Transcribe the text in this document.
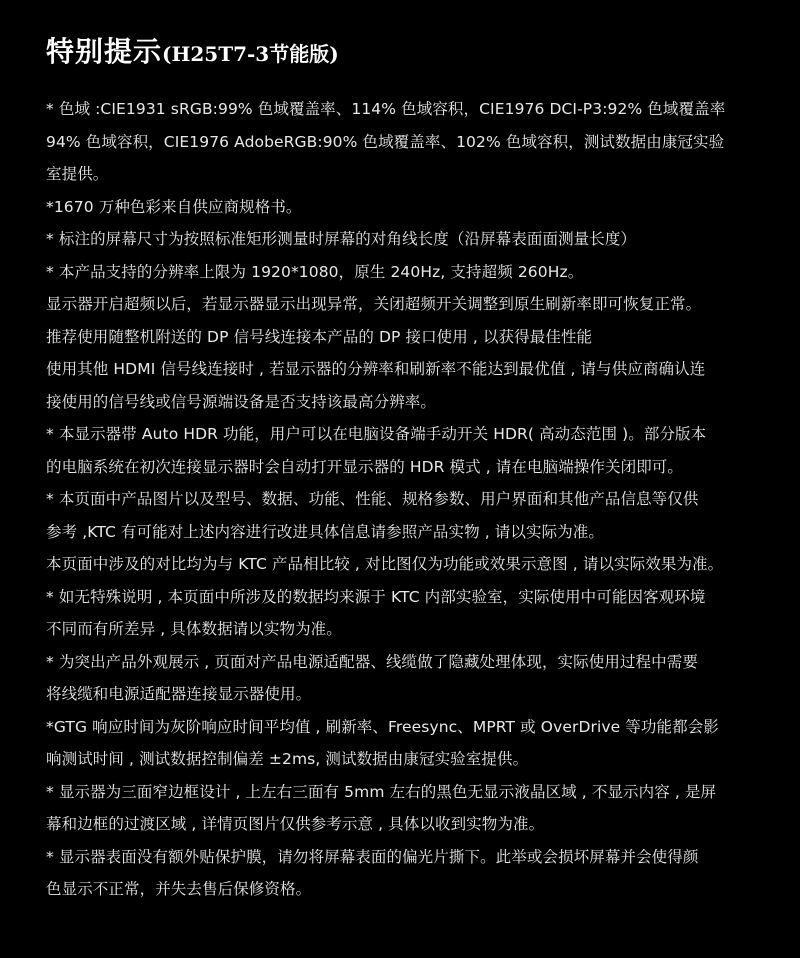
特别提示 (H25T7-3节能版)
* 色域 :CIE1931 sRGB:99% 色域覆盖率、114% 色域容积，CIE1976 DCI-P3:92% 色域覆盖率
94% 色域容积，CIE1976 AdobeRGB:90% 色域覆盖率、102% 色域容积，测试数据由康冠实验
室提供。
*1670 万种色彩来自供应商规格书。
* 标注的屏幕尺寸为按照标准矩形测量时屏幕的对角线长度（沿屏幕表面面测量长度）
* 本产品支持的分辨率上限为 1920*1080，原生 240Hz, 支持超频 260Hz。
显示器开启超频以后，若显示器显示出现异常，关闭超频开关调整到原生刷新率即可恢复正常。
推荐使用随整机附送的 DP 信号线连接本产品的 DP 接口使用 , 以获得最佳性能
使用其他 HDMI 信号线连接时 , 若显示器的分辨率和刷新率不能达到最优值 , 请与供应商确认连
接使用的信号线或信号源端设备是否支持该最高分辨率。
* 本显示器带 Auto HDR 功能，用户可以在电脑设备端手动开关 HDR( 高动态范围 )。部分版本
的电脑系统在初次连接显示器时会自动打开显示器的 HDR 模式 , 请在电脑端操作关闭即可。
* 本页面中产品图片以及型号、数据、功能、性能、规格参数、用户界面和其他产品信息等仅供
参考 ,KTC 有可能对上述内容进行改进具体信息请参照产品实物 , 请以实际为准。
本页面中涉及的对比均为与 KTC 产品相比较 , 对比图仅为功能或效果示意图 , 请以实际效果为准。
* 如无特殊说明 , 本页面中所涉及的数据均来源于 KTC 内部实验室，实际使用中可能因客观环境
不同而有所差异 , 具体数据请以实物为准。
* 为突出产品外观展示 , 页面对产品电源适配器、线缆做了隐藏处理体现，实际使用过程中需要
将线缆和电源适配器连接显示器使用。
*GTG 响应时间为灰阶响应时间平均值 , 刷新率、Freesync、MPRT 或 OverDrive 等功能都会影
响测试时间 , 测试数据控制偏差 ±2ms, 测试数据由康冠实验室提供。
* 显示器为三面窄边框设计 , 上左右三面有 5mm 左右的黑色无显示液晶区域 , 不显示内容 , 是屏
幕和边框的过渡区域 , 详情页图片仅供参考示意 , 具体以收到实物为准。
* 显示器表面没有额外贴保护膜，请勿将屏幕表面的偏光片撕下。此举或会损坏屏幕并会使得颜
色显示不正常，并失去售后保修资格。
